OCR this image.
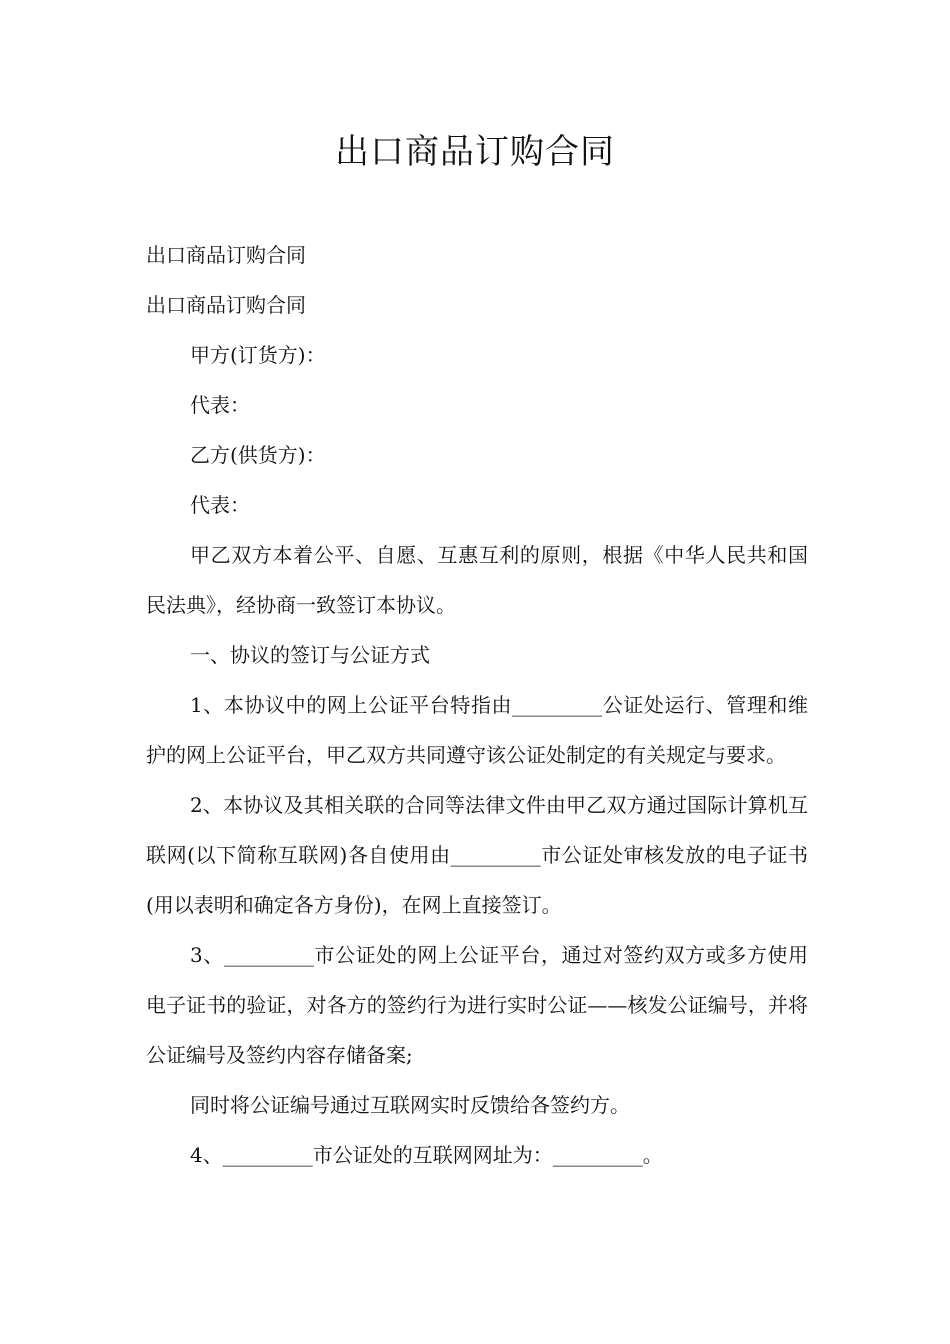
出口商品订购合同

出口商品订购合同

出口商品订购合同

甲方(订货方)：

代表：

乙方(供货方)：

代表：

甲乙双方本着公平、自愿、互惠互利的原则，根据《中华人民共和国民法典》，经协商一致签订本协议。

一、协议的签订与公证方式

1、本协议中的网上公证平台特指由_________公证处运行、管理和维护的网上公证平台，甲乙双方共同遵守该公证处制定的有关规定与要求。

2、本协议及其相关联的合同等法律文件由甲乙双方通过国际计算机互联网(以下简称互联网)各自使用由_________市公证处审核发放的电子证书(用以表明和确定各方身份)，在网上直接签订。

3、_________市公证处的网上公证平台，通过对签约双方或多方使用电子证书的验证，对各方的签约行为进行实时公证——核发公证编号，并将公证编号及签约内容存储备案;

同时将公证编号通过互联网实时反馈给各签约方。

4、_________市公证处的互联网网址为：_________。
